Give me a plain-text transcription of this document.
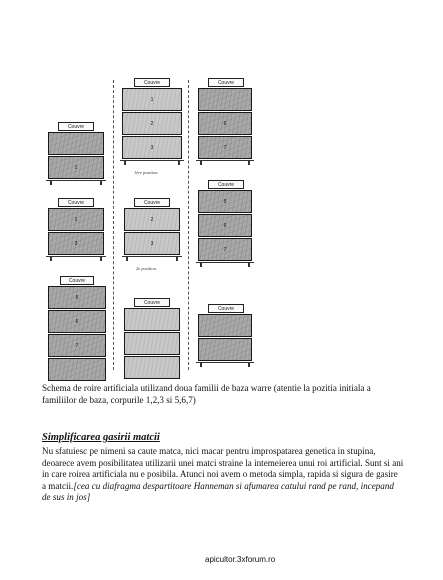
Couvre
1
Couvre
1
2
3
1ère position.
Couvre
6
7
Couvre
1
3
Couvre
2
3
2e position.
Couvre
5
6
7
Couvre
5
6
7
Couvre
Couvre

Schema de roire artificiala utilizand doua familii de baza warre (atentie la pozitia initiala a familiilor de baza, corpurile 1,2,3 si 5,6,7)

Simplificarea gasirii matcii

Nu sfatuiesc pe nimeni sa caute matca, nici macar pentru improspatarea genetica in stupina, deoarece avem posibilitatea utilizarii unei matci straine la intemeierea unui roi artificial. Sunt si ani in care roirea artificiala nu e posibila. Atunci noi avem o metoda simpla, rapida si sigura de gasire a matcii.[cea cu diafragma despartitoare Hanneman si afumarea catului rand pe rand, incepand de sus in jos]

apicultor.3xforum.ro
